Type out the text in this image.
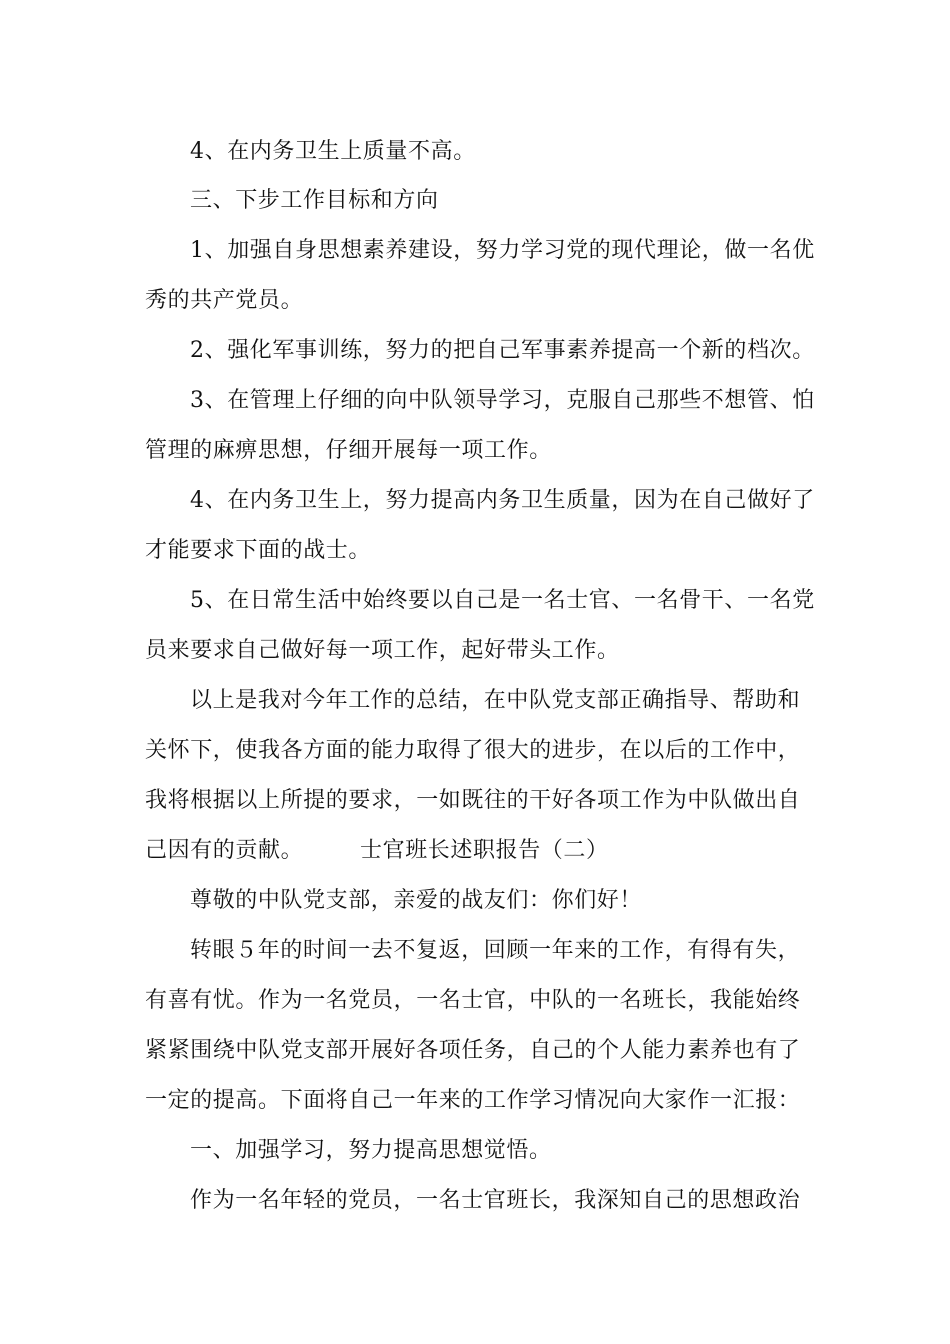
4、在内务卫生上质量不高。
三、下步工作目标和方向
1、加强自身思想素养建设，努力学习党的现代理论，做一名优
秀的共产党员。
2、强化军事训练，努力的把自己军事素养提高一个新的档次。
3、在管理上仔细的向中队领导学习，克服自己那些不想管、怕
管理的麻痹思想，仔细开展每一项工作。
4、在内务卫生上，努力提高内务卫生质量，因为在自己做好了
才能要求下面的战士。
5、在日常生活中始终要以自己是一名士官、一名骨干、一名党
员来要求自己做好每一项工作，起好带头工作。
以上是我对今年工作的总结，在中队党支部正确指导、帮助和
关怀下，使我各方面的能力取得了很大的进步，在以后的工作中，
我将根据以上所提的要求，一如既往的干好各项工作为中队做出自
己因有的贡献。　　　士官班长述职报告（二）
尊敬的中队党支部，亲爱的战友们：你们好！
转眼５年的时间一去不复返，回顾一年来的工作，有得有失，
有喜有忧。作为一名党员，一名士官，中队的一名班长，我能始终
紧紧围绕中队党支部开展好各项任务，自己的个人能力素养也有了
一定的提高。下面将自己一年来的工作学习情况向大家作一汇报：
一、加强学习，努力提高思想觉悟。
作为一名年轻的党员，一名士官班长，我深知自己的思想政治
